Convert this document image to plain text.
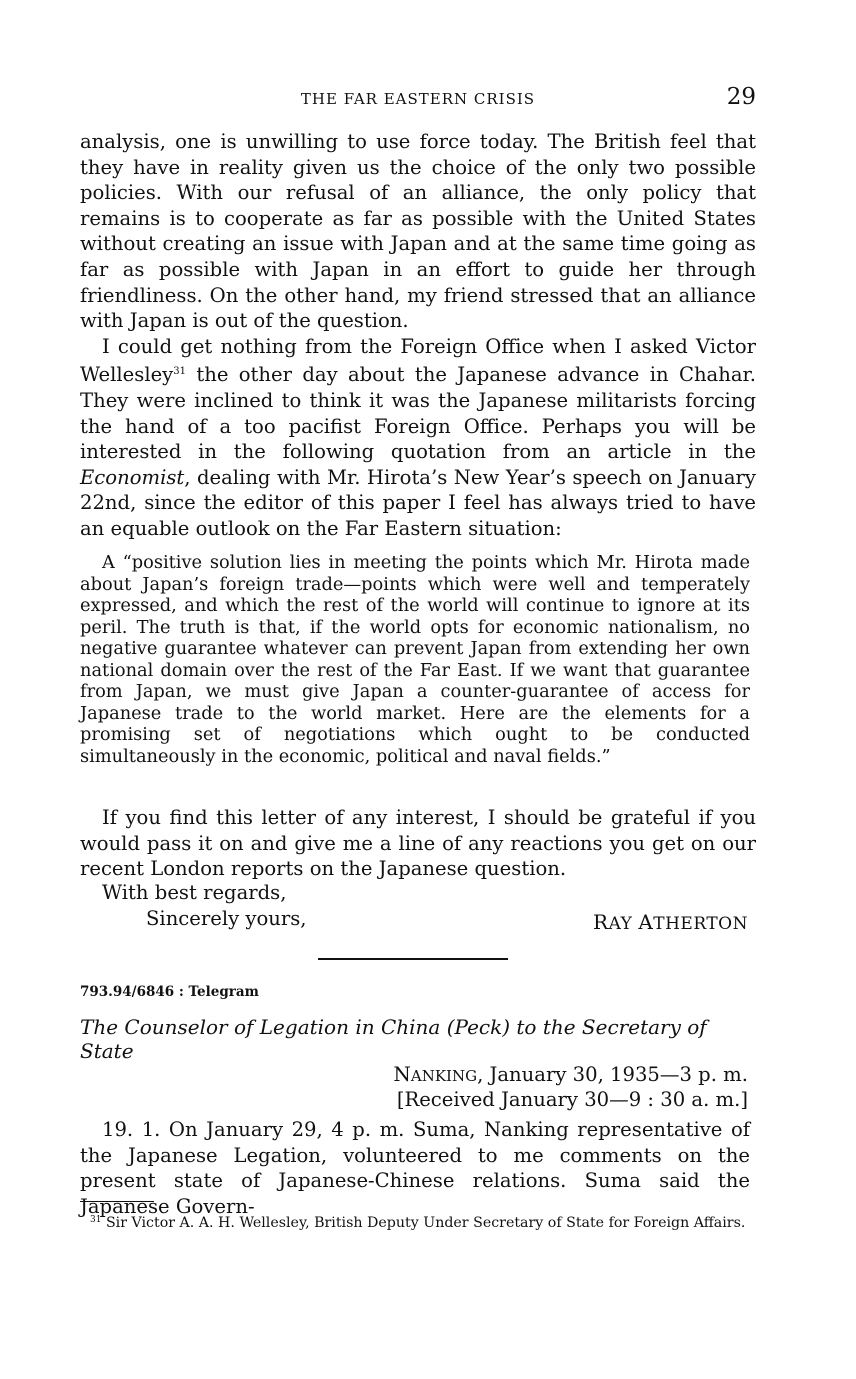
THE FAR EASTERN CRISIS	29

analysis, one is unwilling to use force today. The British feel that they have in reality given us the choice of the only two possible policies. With our refusal of an alliance, the only policy that remains is to cooperate as far as possible with the United States without creating an issue with Japan and at the same time going as far as possible with Japan in an effort to guide her through friendliness. On the other hand, my friend stressed that an alliance with Japan is out of the question.

I could get nothing from the Foreign Office when I asked Victor Wellesley$^{31}$ the other day about the Japanese advance in Chahar. They were inclined to think it was the Japanese militarists forcing the hand of a too pacifist Foreign Office. Perhaps you will be interested in the following quotation from an article in the Economist, dealing with Mr. Hirota’s New Year’s speech on January 22nd, since the editor of this paper I feel has always tried to have an equable outlook on the Far Eastern situation:

A “positive solution lies in meeting the points which Mr. Hirota made about Japan’s foreign trade—points which were well and temperately expressed, and which the rest of the world will continue to ignore at its peril. The truth is that, if the world opts for economic nationalism, no negative guarantee whatever can prevent Japan from extending her own national domain over the rest of the Far East. If we want that guarantee from Japan, we must give Japan a counter-guarantee of access for Japanese trade to the world market. Here are the elements for a promising set of negotiations which ought to be conducted simultaneously in the economic, political and naval fields.”

If you find this letter of any interest, I should be grateful if you would pass it on and give me a line of any reactions you get on our recent London reports on the Japanese question.

With best regards,
Sincerely yours,	RAY ATHERTON
793.94/6846 : Telegram
The Counselor of Legation in China (Peck) to the Secretary of State
NANKING, January 30, 1935—3 p. m.
[Received January 30—9 : 30 a. m.]

19. 1. On January 29, 4 p. m. Suma, Nanking representative of the Japanese Legation, volunteered to me comments on the present state of Japanese-Chinese relations. Suma said the Japanese Govern-

$^{31}$ Sir Victor A. A. H. Wellesley, British Deputy Under Secretary of State for Foreign Affairs.
